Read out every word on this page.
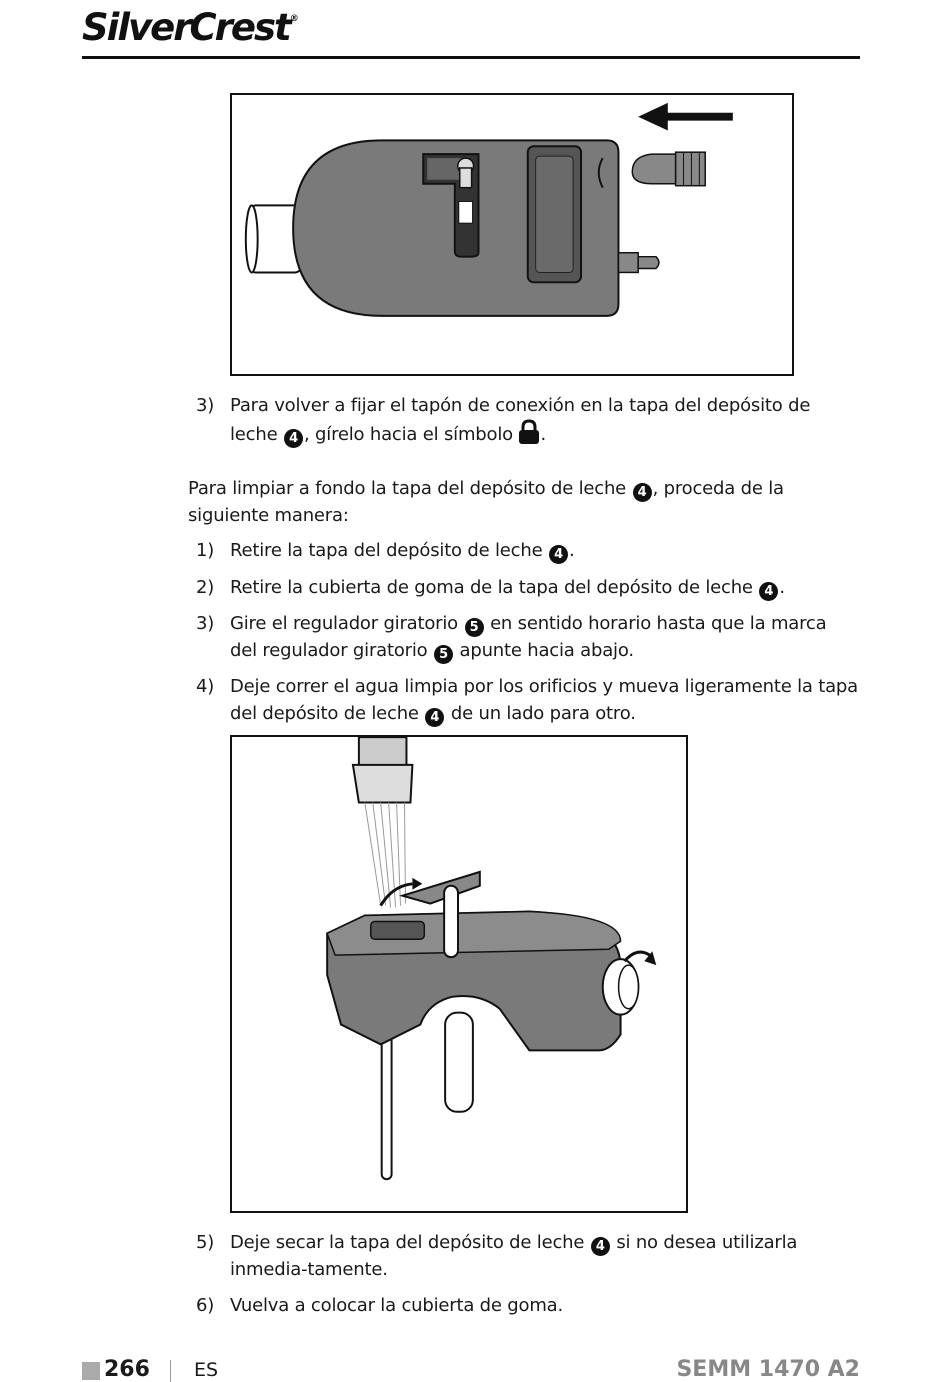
SilverCrest®
3) Para volver a fijar el tapón de conexión en la tapa del depósito de leche 4 , gírelo hacia el símbolo .
Para limpiar a fondo la tapa del depósito de leche 4 , proceda de la siguiente manera:
1) Retire la tapa del depósito de leche 4 .
2) Retire la cubierta de goma de la tapa del depósito de leche 4 .
3) Gire el regulador giratorio 5 en sentido horario hasta que la marca del regulador giratorio 5 apunte hacia abajo.
4) Deje correr el agua limpia por los orificios y mueva ligeramente la tapa del depósito de leche 4 de un lado para otro.
5) Deje secar la tapa del depósito de leche 4 si no desea utilizarla inmedia-tamente.
6) Vuelva a colocar la cubierta de goma.
266 ES	SEMM 1470 A2
